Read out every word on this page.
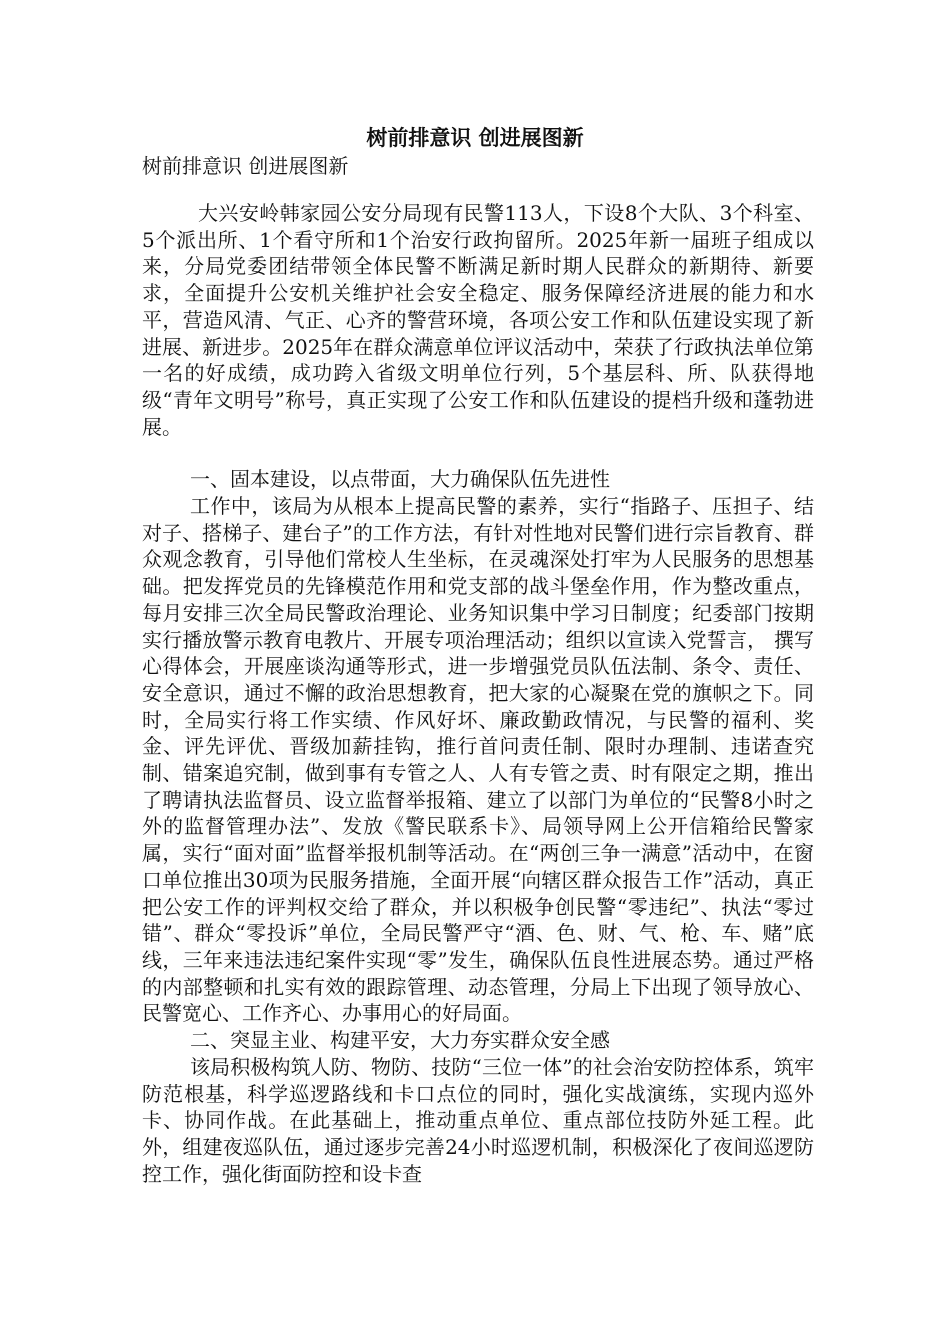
树前排意识 创进展图新
树前排意识 创进展图新

大兴安岭韩家园公安分局现有民警113人，下设8个大队、3个科室、5个派出所、1个看守所和1个治安行政拘留所。2025年新一届班子组成以来，分局党委团结带领全体民警不断满足新时期人民群众的新期待、新要求，全面提升公安机关维护社会安全稳定、服务保障经济进展的能力和水平，营造风清、气正、心齐的警营环境，各项公安工作和队伍建设实现了新进展、新进步。2025年在群众满意单位评议活动中，荣获了行政执法单位第一名的好成绩，成功跨入省级文明单位行列，5个基层科、所、队获得地级“青年文明号”称号，真正实现了公安工作和队伍建设的提档升级和蓬勃进展。

一、固本建设，以点带面，大力确保队伍先进性

工作中，该局为从根本上提高民警的素养，实行“指路子、压担子、结对子、搭梯子、建台子”的工作方法，有针对性地对民警们进行宗旨教育、群众观念教育，引导他们常校人生坐标，在灵魂深处打牢为人民服务的思想基础。把发挥党员的先锋模范作用和党支部的战斗堡垒作用，作为整改重点，每月安排三次全局民警政治理论、业务知识集中学习日制度；纪委部门按期实行播放警示教育电教片、开展专项治理活动；组织以宣读入党誓言， 撰写心得体会，开展座谈沟通等形式，进一步增强党员队伍法制、条令、责任、安全意识，通过不懈的政治思想教育，把大家的心凝聚在党的旗帜之下。同时，全局实行将工作实绩、作风好坏、廉政勤政情况，与民警的福利、奖金、评先评优、晋级加薪挂钩，推行首问责任制、限时办理制、违诺查究制、错案追究制，做到事有专管之人、人有专管之责、时有限定之期，推出了聘请执法监督员、设立监督举报箱、建立了以部门为单位的“民警8小时之外的监督管理办法”、发放《警民联系卡》、局领导网上公开信箱给民警家属，实行“面对面”监督举报机制等活动。在“两创三争一满意”活动中，在窗口单位推出30项为民服务措施，全面开展“向辖区群众报告工作”活动，真正把公安工作的评判权交给了群众，并以积极争创民警“零违纪”、执法“零过错”、群众“零投诉”单位，全局民警严守“酒、色、财、气、枪、车、赌”底线，三年来违法违纪案件实现“零”发生，确保队伍良性进展态势。通过严格的内部整顿和扎实有效的跟踪管理、动态管理，分局上下出现了领导放心、民警宽心、工作齐心、办事用心的好局面。

二、突显主业、构建平安，大力夯实群众安全感

该局积极构筑人防、物防、技防“三位一体”的社会治安防控体系，筑牢防范根基，科学巡逻路线和卡口点位的同时，强化实战演练，实现内巡外卡、协同作战。在此基础上，推动重点单位、重点部位技防外延工程。此外，组建夜巡队伍，通过逐步完善24小时巡逻机制，积极深化了夜间巡逻防控工作，强化街面防控和设卡查
